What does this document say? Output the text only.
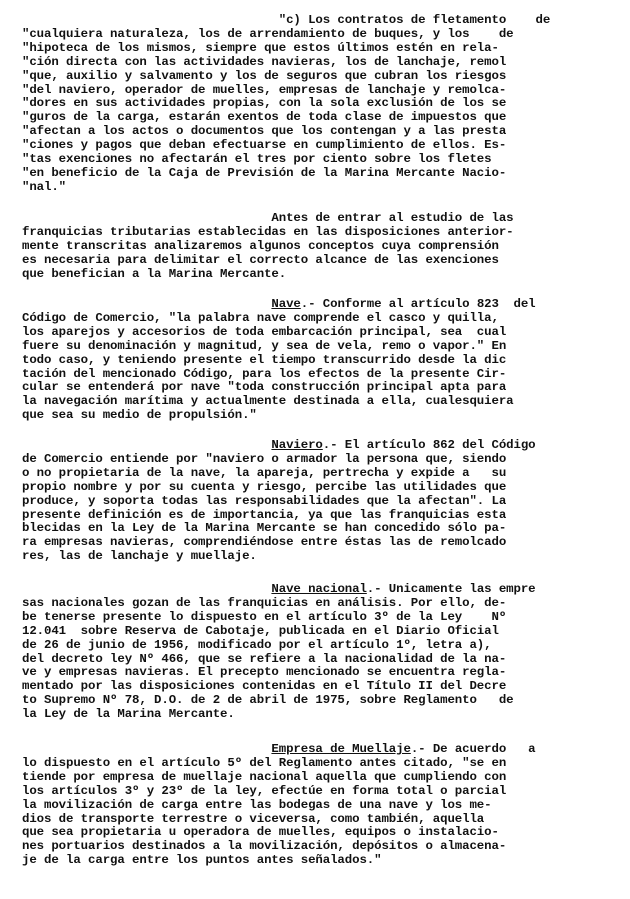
"c) Los contratos de fletamento    de
"cualquiera naturaleza, los de arrendamiento de buques, y los    de
"hipoteca de los mismos, siempre que estos últimos estén en rela-
"ción directa con las actividades navieras, los de lanchaje, remol
"que, auxilio y salvamento y los de seguros que cubran los riesgos
"del naviero, operador de muelles, empresas de lanchaje y remolca-
"dores en sus actividades propias, con la sola exclusión de los se
"guros de la carga, estarán exentos de toda clase de impuestos que
"afectan a los actos o documentos que los contengan y a las presta
"ciones y pagos que deban efectuarse en cumplimiento de ellos. Es-
"tas exenciones no afectarán el tres por ciento sobre los fletes
"en beneficio de la Caja de Previsión de la Marina Mercante Nacio-
"nal."
Antes de entrar al estudio de las
franquicias tributarias establecidas en las disposiciones anterior-
mente transcritas analizaremos algunos conceptos cuya comprensión
es necesaria para delimitar el correcto alcance de las exenciones
que benefician a la Marina Mercante.
Nave.- Conforme al artículo 823  del
Código de Comercio, "la palabra nave comprende el casco y quilla,
los aparejos y accesorios de toda embarcación principal, sea  cual
fuere su denominación y magnitud, y sea de vela, remo o vapor." En
todo caso, y teniendo presente el tiempo transcurrido desde la dic
tación del mencionado Código, para los efectos de la presente Cir-
cular se entenderá por nave "toda construcción principal apta para
la navegación marítima y actualmente destinada a ella, cualesquiera
que sea su medio de propulsión."
Naviero.- El artículo 862 del Código
de Comercio entiende por "naviero o armador la persona que, siendo
o no propietaria de la nave, la apareja, pertrecha y expide a   su
propio nombre y por su cuenta y riesgo, percibe las utilidades que
produce, y soporta todas las responsabilidades que la afectan". La
presente definición es de importancia, ya que las franquicias esta
blecidas en la Ley de la Marina Mercante se han concedido sólo pa-
ra empresas navieras, comprendiéndose entre éstas las de remolcado
res, las de lanchaje y muellaje.
Nave nacional.- Unicamente las empre
sas nacionales gozan de las franquicias en análisis. Por ello, de-
be tenerse presente lo dispuesto en el artículo 3º de la Ley    Nº
12.041  sobre Reserva de Cabotaje, publicada en el Diario Oficial
de 26 de junio de 1956, modificado por el artículo 1º, letra a),
del decreto ley Nº 466, que se refiere a la nacionalidad de la na-
ve y empresas navieras. El precepto mencionado se encuentra regla-
mentado por las disposiciones contenidas en el Título II del Decre
to Supremo Nº 78, D.O. de 2 de abril de 1975, sobre Reglamento   de
la Ley de la Marina Mercante.
Empresa de Muellaje.- De acuerdo   a
lo dispuesto en el artículo 5º del Reglamento antes citado, "se en
tiende por empresa de muellaje nacional aquella que cumpliendo con
los artículos 3º y 23º de la ley, efectúe en forma total o parcial
la movilización de carga entre las bodegas de una nave y los me-
dios de transporte terrestre o viceversa, como también, aquella
que sea propietaria u operadora de muelles, equipos o instalacio-
nes portuarios destinados a la movilización, depósitos o almacena-
je de la carga entre los puntos antes señalados."
